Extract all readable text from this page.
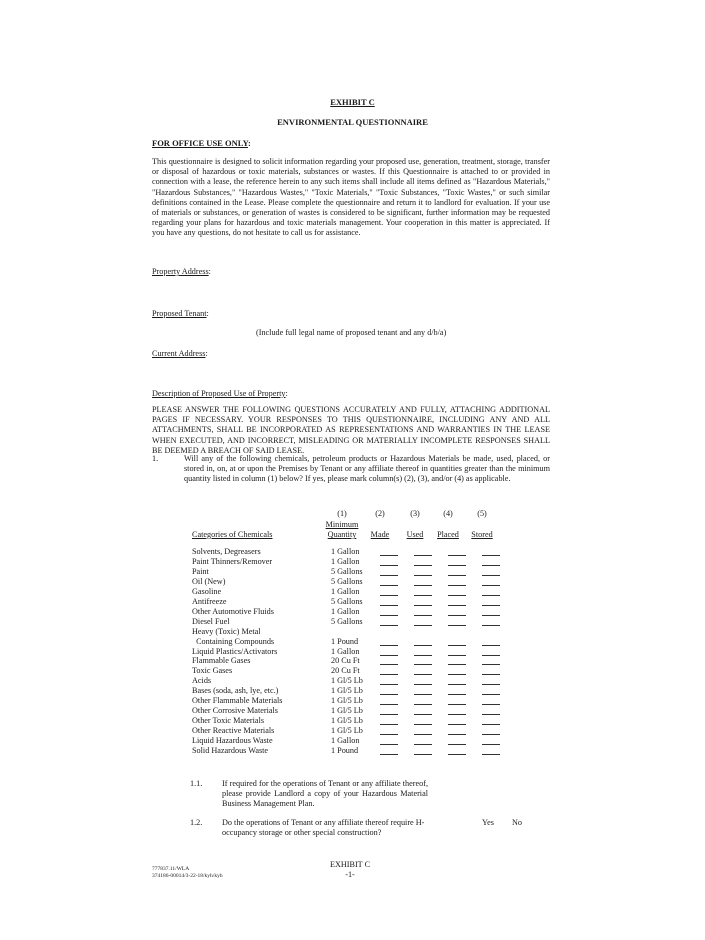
EXHIBIT C
ENVIRONMENTAL QUESTIONNAIRE
FOR OFFICE USE ONLY:
This questionnaire is designed to solicit information regarding your proposed use, generation, treatment, storage, transfer or disposal of hazardous or toxic materials, substances or wastes. If this Questionnaire is attached to or provided in connection with a lease, the reference herein to any such items shall include all items defined as "Hazardous Materials," "Hazardous Substances," "Hazardous Wastes," "Toxic Materials," "Toxic Substances, "Toxic Wastes," or such similar definitions contained in the Lease. Please complete the questionnaire and return it to landlord for evaluation. If your use of materials or substances, or generation of wastes is considered to be significant, further information may be requested regarding your plans for hazardous and toxic materials management. Your cooperation in this matter is appreciated. If you have any questions, do not hesitate to call us for assistance.
Property Address:
Proposed Tenant:
(Include full legal name of proposed tenant and any d/b/a)
Current Address:
Description of Proposed Use of Property:
PLEASE ANSWER THE FOLLOWING QUESTIONS ACCURATELY AND FULLY, ATTACHING ADDITIONAL PAGES IF NECESSARY. YOUR RESPONSES TO THIS QUESTIONNAIRE, INCLUDING ANY AND ALL ATTACHMENTS, SHALL BE INCORPORATED AS REPRESENTATIONS AND WARRANTIES IN THE LEASE WHEN EXECUTED, AND INCORRECT, MISLEADING OR MATERIALLY INCOMPLETE RESPONSES SHALL BE DEEMED A BREACH OF SAID LEASE.
1.	Will any of the following chemicals, petroleum products or Hazardous Materials be made, used, placed, or stored in, on, at or upon the Premises by Tenant or any affiliate thereof in quantities greater than the minimum quantity listed in column (1) below? If yes, please mark column(s) (2), (3), and/or (4) as applicable.
(1)	(2)	(3)	(4)	(5)
Minimum
Categories of Chemicals	Quantity	Made	Used	Placed	Stored
Solvents, Degreasers	1 Gallon
Paint Thinners/Remover	1 Gallon
Paint	5 Gallons
Oil (New)	5 Gallons
Gasoline	1 Gallon
Antifreeze	5 Gallons
Other Automotive Fluids	1 Gallon
Diesel Fuel	5 Gallons
Heavy (Toxic) Metal
Containing Compounds	1 Pound
Liquid Plastics/Activators	1 Gallon
Flammable Gases	20 Cu Ft
Toxic Gases	20 Cu Ft
Acids	1 Gl/5 Lb
Bases (soda, ash, lye, etc.)	1 Gl/5 Lb
Other Flammable Materials	1 Gl/5 Lb
Other Corrosive Materials	1 Gl/5 Lb
Other Toxic Materials	1 Gl/5 Lb
Other Reactive Materials	1 Gl/5 Lb
Liquid Hazardous Waste	1 Gallon
Solid Hazardous Waste	1 Pound
1.1. If required for the operations of Tenant or any affiliate thereof, please provide Landlord a copy of your Hazardous Material Business Management Plan.
1.2. Do the operations of Tenant or any affiliate thereof require H-occupancy storage or other special construction?
Yes No
777837.11/WLA
374186-00014/3-22-18/kyh/kyh
EXHIBIT C
-1-
